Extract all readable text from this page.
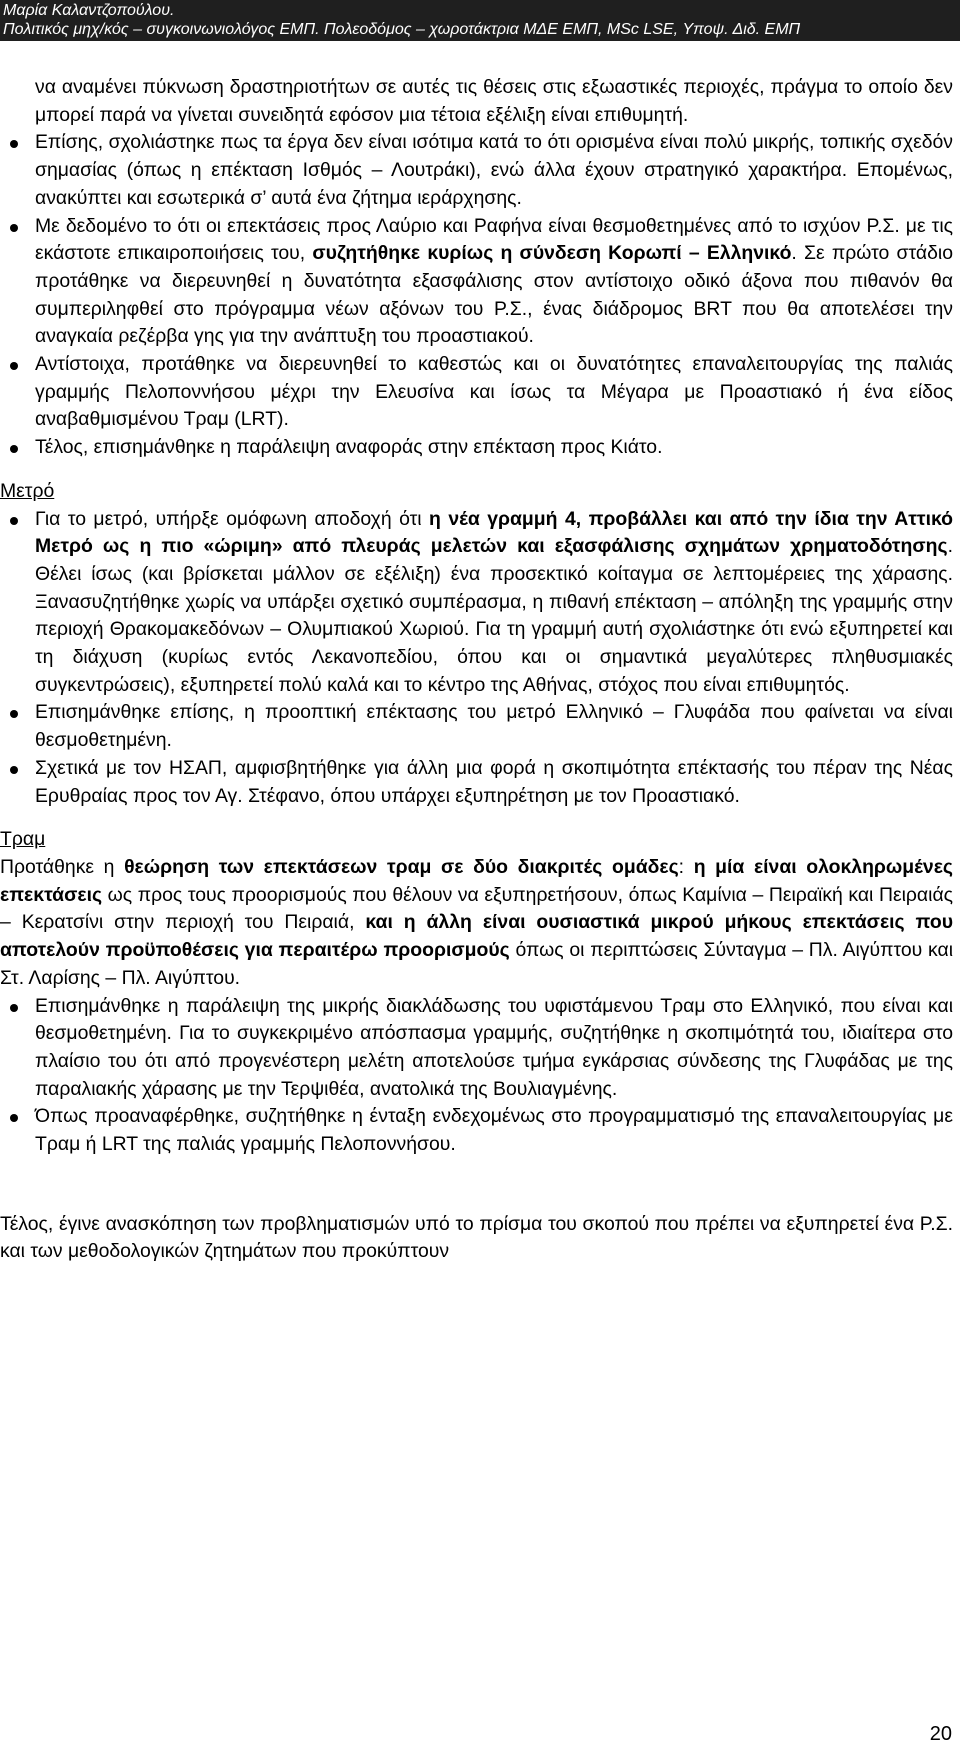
Μαρία Καλαντζοπούλου.
Πολιτικός μηχ/κός – συγκοινωνιολόγος ΕΜΠ. Πολεοδόμος – χωροτάκτρια ΜΔΕ ΕΜΠ, MSc LSE, Υποψ. Διδ. ΕΜΠ
να αναμένει πύκνωση δραστηριοτήτων σε αυτές τις θέσεις στις εξωαστικές περιοχές, πράγμα το οποίο δεν μπορεί παρά να γίνεται συνειδητά εφόσον μια τέτοια εξέλιξη είναι επιθυμητή.
Επίσης, σχολιάστηκε πως τα έργα δεν είναι ισότιμα κατά το ότι ορισμένα είναι πολύ μικρής, τοπικής σχεδόν σημασίας (όπως η επέκταση Ισθμός – Λουτράκι), ενώ άλλα έχουν στρατηγικό χαρακτήρα. Επομένως, ανακύπτει και εσωτερικά σ’ αυτά ένα ζήτημα ιεράρχησης.
Με δεδομένο το ότι οι επεκτάσεις προς Λαύριο και Ραφήνα είναι θεσμοθετημένες από το ισχύον Ρ.Σ. με τις εκάστοτε επικαιροποιήσεις του, συζητήθηκε κυρίως η σύνδεση Κορωπί – Ελληνικό. Σε πρώτο στάδιο προτάθηκε να διερευνηθεί η δυνατότητα εξασφάλισης στον αντίστοιχο οδικό άξονα που πιθανόν θα συμπεριληφθεί στο πρόγραμμα νέων αξόνων του Ρ.Σ., ένας διάδρομος BRT που θα αποτελέσει την αναγκαία ρεζέρβα γης για την ανάπτυξη του προαστιακού.
Αντίστοιχα, προτάθηκε να διερευνηθεί το καθεστώς και οι δυνατότητες επαναλειτουργίας της παλιάς γραμμής Πελοποννήσου μέχρι την Ελευσίνα και ίσως τα Μέγαρα με Προαστιακό ή ένα είδος αναβαθμισμένου Τραμ (LRT).
Τέλος, επισημάνθηκε η παράλειψη αναφοράς στην επέκταση προς Κιάτο.
Μετρό
Για το μετρό, υπήρξε ομόφωνη αποδοχή ότι η νέα γραμμή 4, προβάλλει και από την ίδια την Αττικό Μετρό ως η πιο «ώριμη» από πλευράς μελετών και εξασφάλισης σχημάτων χρηματοδότησης. Θέλει ίσως (και βρίσκεται μάλλον σε εξέλιξη) ένα προσεκτικό κοίταγμα σε λεπτομέρειες της χάρασης. Ξανασυζητήθηκε χωρίς να υπάρξει σχετικό συμπέρασμα, η πιθανή επέκταση – απόληξη της γραμμής στην περιοχή Θρακομακεδόνων – Ολυμπιακού Χωριού. Για τη γραμμή αυτή σχολιάστηκε ότι ενώ εξυπηρετεί και τη διάχυση (κυρίως εντός Λεκανοπεδίου, όπου και οι σημαντικά μεγαλύτερες πληθυσμιακές συγκεντρώσεις), εξυπηρετεί πολύ καλά και το κέντρο της Αθήνας, στόχος που είναι επιθυμητός.
Επισημάνθηκε επίσης, η προοπτική επέκτασης του μετρό Ελληνικό – Γλυφάδα που φαίνεται να είναι θεσμοθετημένη.
Σχετικά με τον ΗΣΑΠ, αμφισβητήθηκε για άλλη μια φορά η σκοπιμότητα επέκτασής του πέραν της Νέας Ερυθραίας προς τον Αγ. Στέφανο, όπου υπάρχει εξυπηρέτηση με τον Προαστιακό.
Τραμ
Προτάθηκε η θεώρηση των επεκτάσεων τραμ σε δύο διακριτές ομάδες: η μία είναι ολοκληρωμένες επεκτάσεις ως προς τους προορισμούς που θέλουν να εξυπηρετήσουν, όπως Καμίνια – Πειραϊκή και Πειραιάς – Κερατσίνι στην περιοχή του Πειραιά, και η άλλη είναι ουσιαστικά μικρού μήκους επεκτάσεις που αποτελούν προϋποθέσεις για περαιτέρω προορισμούς όπως οι περιπτώσεις Σύνταγμα – Πλ. Αιγύπτου και Στ. Λαρίσης – Πλ. Αιγύπτου.
Επισημάνθηκε η παράλειψη της μικρής διακλάδωσης του υφιστάμενου Τραμ στο Ελληνικό, που είναι και θεσμοθετημένη. Για το συγκεκριμένο απόσπασμα γραμμής, συζητήθηκε η σκοπιμότητά του, ιδιαίτερα στο πλαίσιο του ότι από προγενέστερη μελέτη αποτελούσε τμήμα εγκάρσιας σύνδεσης της Γλυφάδας με της παραλιακής χάρασης με την Τερψιθέα, ανατολικά της Βουλιαγμένης.
Όπως προαναφέρθηκε, συζητήθηκε η ένταξη ενδεχομένως στο προγραμματισμό της επαναλειτουργίας με Τραμ ή LRT της παλιάς γραμμής Πελοποννήσου.
Τέλος, έγινε ανασκόπηση των προβληματισμών υπό το πρίσμα του σκοπού που πρέπει να εξυπηρετεί ένα Ρ.Σ. και των μεθοδολογικών ζητημάτων που προκύπτουν
20
